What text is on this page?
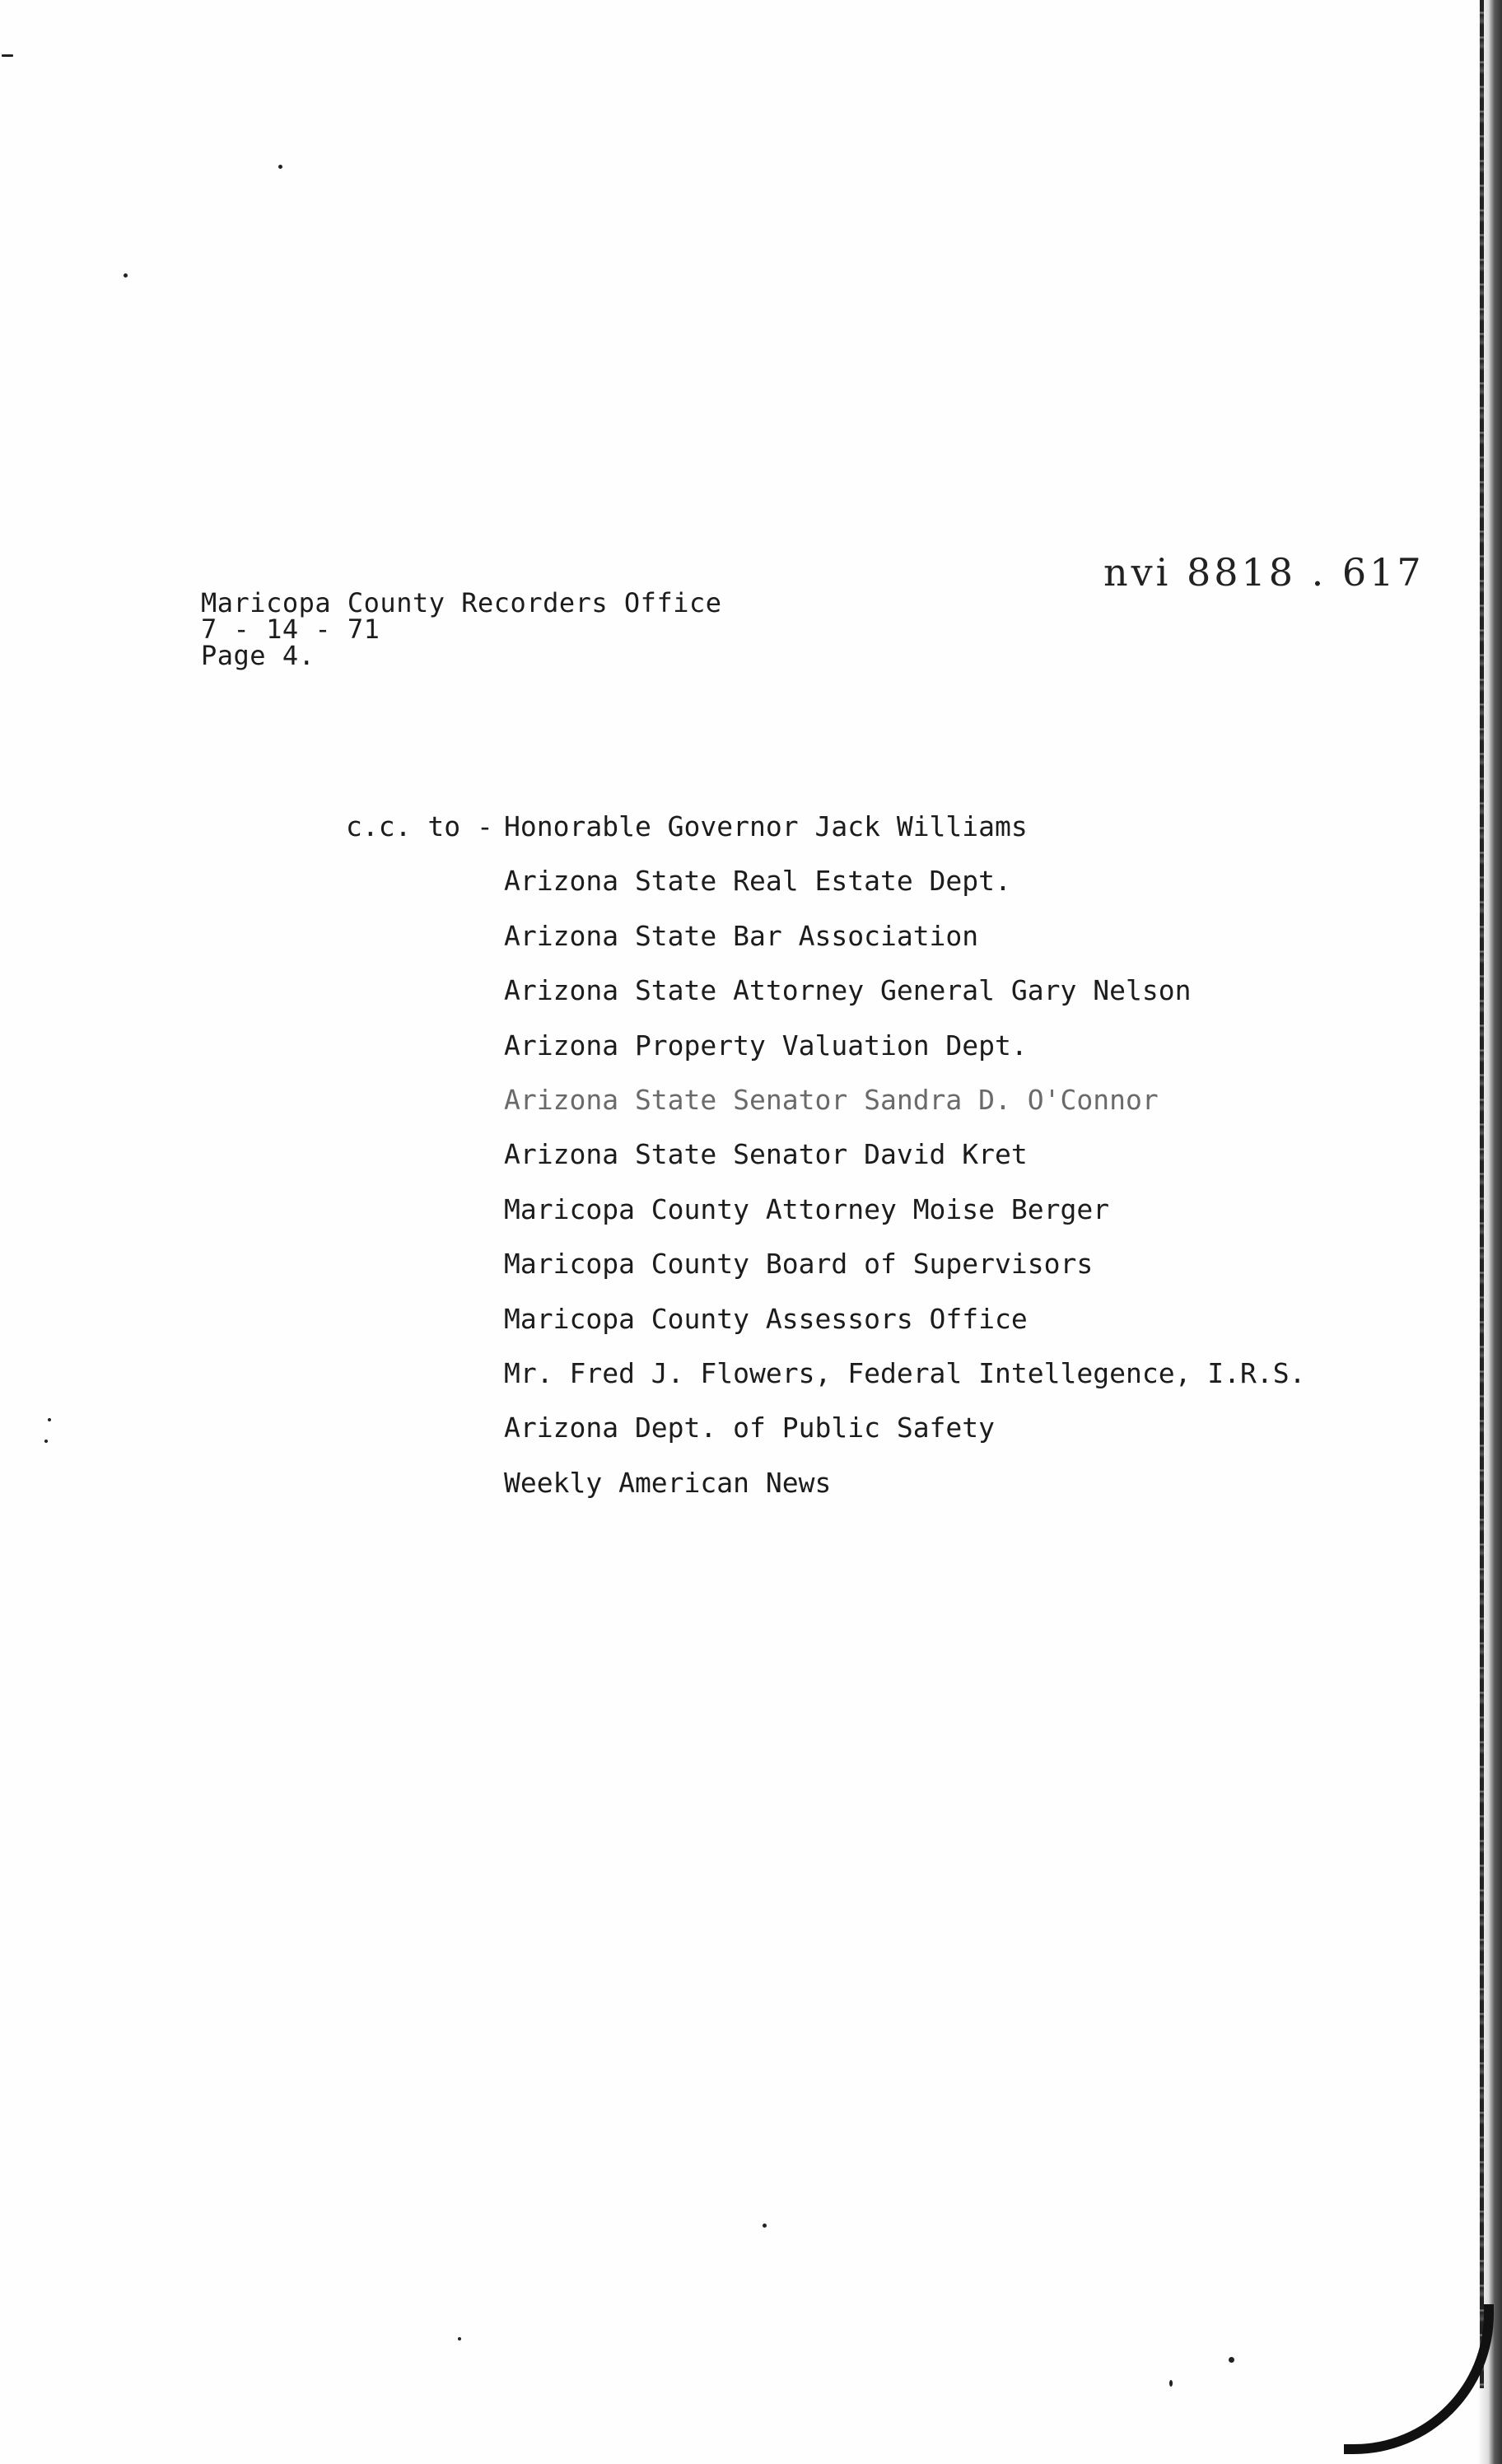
Maricopa County Recorders Office
7 - 14 - 71
Page 4.
nvi 8818 . 617
c.c. to - Honorable Governor Jack Williams
Arizona State Real Estate Dept.
Arizona State Bar Association
Arizona State Attorney General Gary Nelson
Arizona Property Valuation Dept.
Arizona State Senator Sandra D. O'Connor
Arizona State Senator David Kret
Maricopa County Attorney Moise Berger
Maricopa County Board of Supervisors
Maricopa County Assessors Office
Mr. Fred J. Flowers, Federal Intellegence, I.R.S.
Arizona Dept. of Public Safety
Weekly American News
